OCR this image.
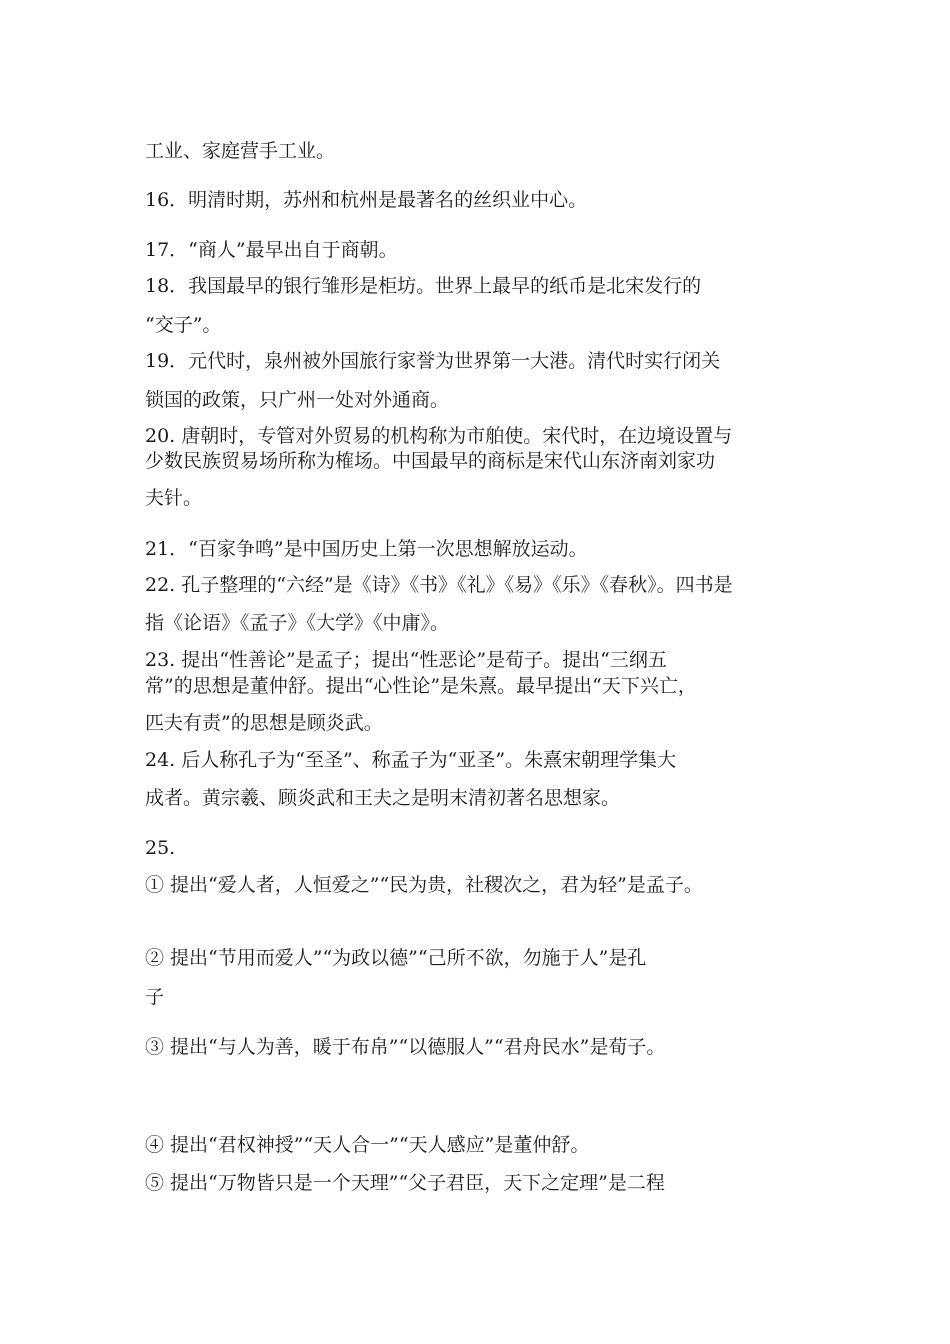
工业、家庭营手工业。
16．明清时期，苏州和杭州是最著名的丝织业中心。
17．“商人”最早出自于商朝。
18．我国最早的银行雏形是柜坊。世界上最早的纸币是北宋发行的
“交子”。
19．元代时，泉州被外国旅行家誉为世界第一大港。清代时实行闭关
锁国的政策，只广州一处对外通商。
20. 唐朝时，专管对外贸易的机构称为市舶使。宋代时，在边境设置与
少数民族贸易场所称为榷场。中国最早的商标是宋代山东济南刘家功
夫针。
21．“百家争鸣”是中国历史上第一次思想解放运动。
22. 孔子整理的“六经”是《诗》《书》《礼》《易》《乐》《春秋》。四书是
指《论语》《孟子》《大学》《中庸》。
23. 提出“性善论”是孟子；提出“性恶论”是荀子。提出“三纲五
常”的思想是董仲舒。提出“心性论”是朱熹。最早提出“天下兴亡，
匹夫有责”的思想是顾炎武。
24. 后人称孔子为“至圣”、称孟子为“亚圣”。朱熹宋朝理学集大
成者。黄宗羲、顾炎武和王夫之是明末清初著名思想家。
25.
① 提出“爱人者，人恒爱之”“民为贵，社稷次之，君为轻”是孟子。
② 提出“节用而爱人”“为政以德”“己所不欲，勿施于人”是孔
子
③ 提出“与人为善，暖于布帛”“以德服人”“君舟民水”是荀子。
④ 提出“君权神授”“天人合一”“天人感应”是董仲舒。
⑤ 提出“万物皆只是一个天理”“父子君臣，天下之定理”是二程
